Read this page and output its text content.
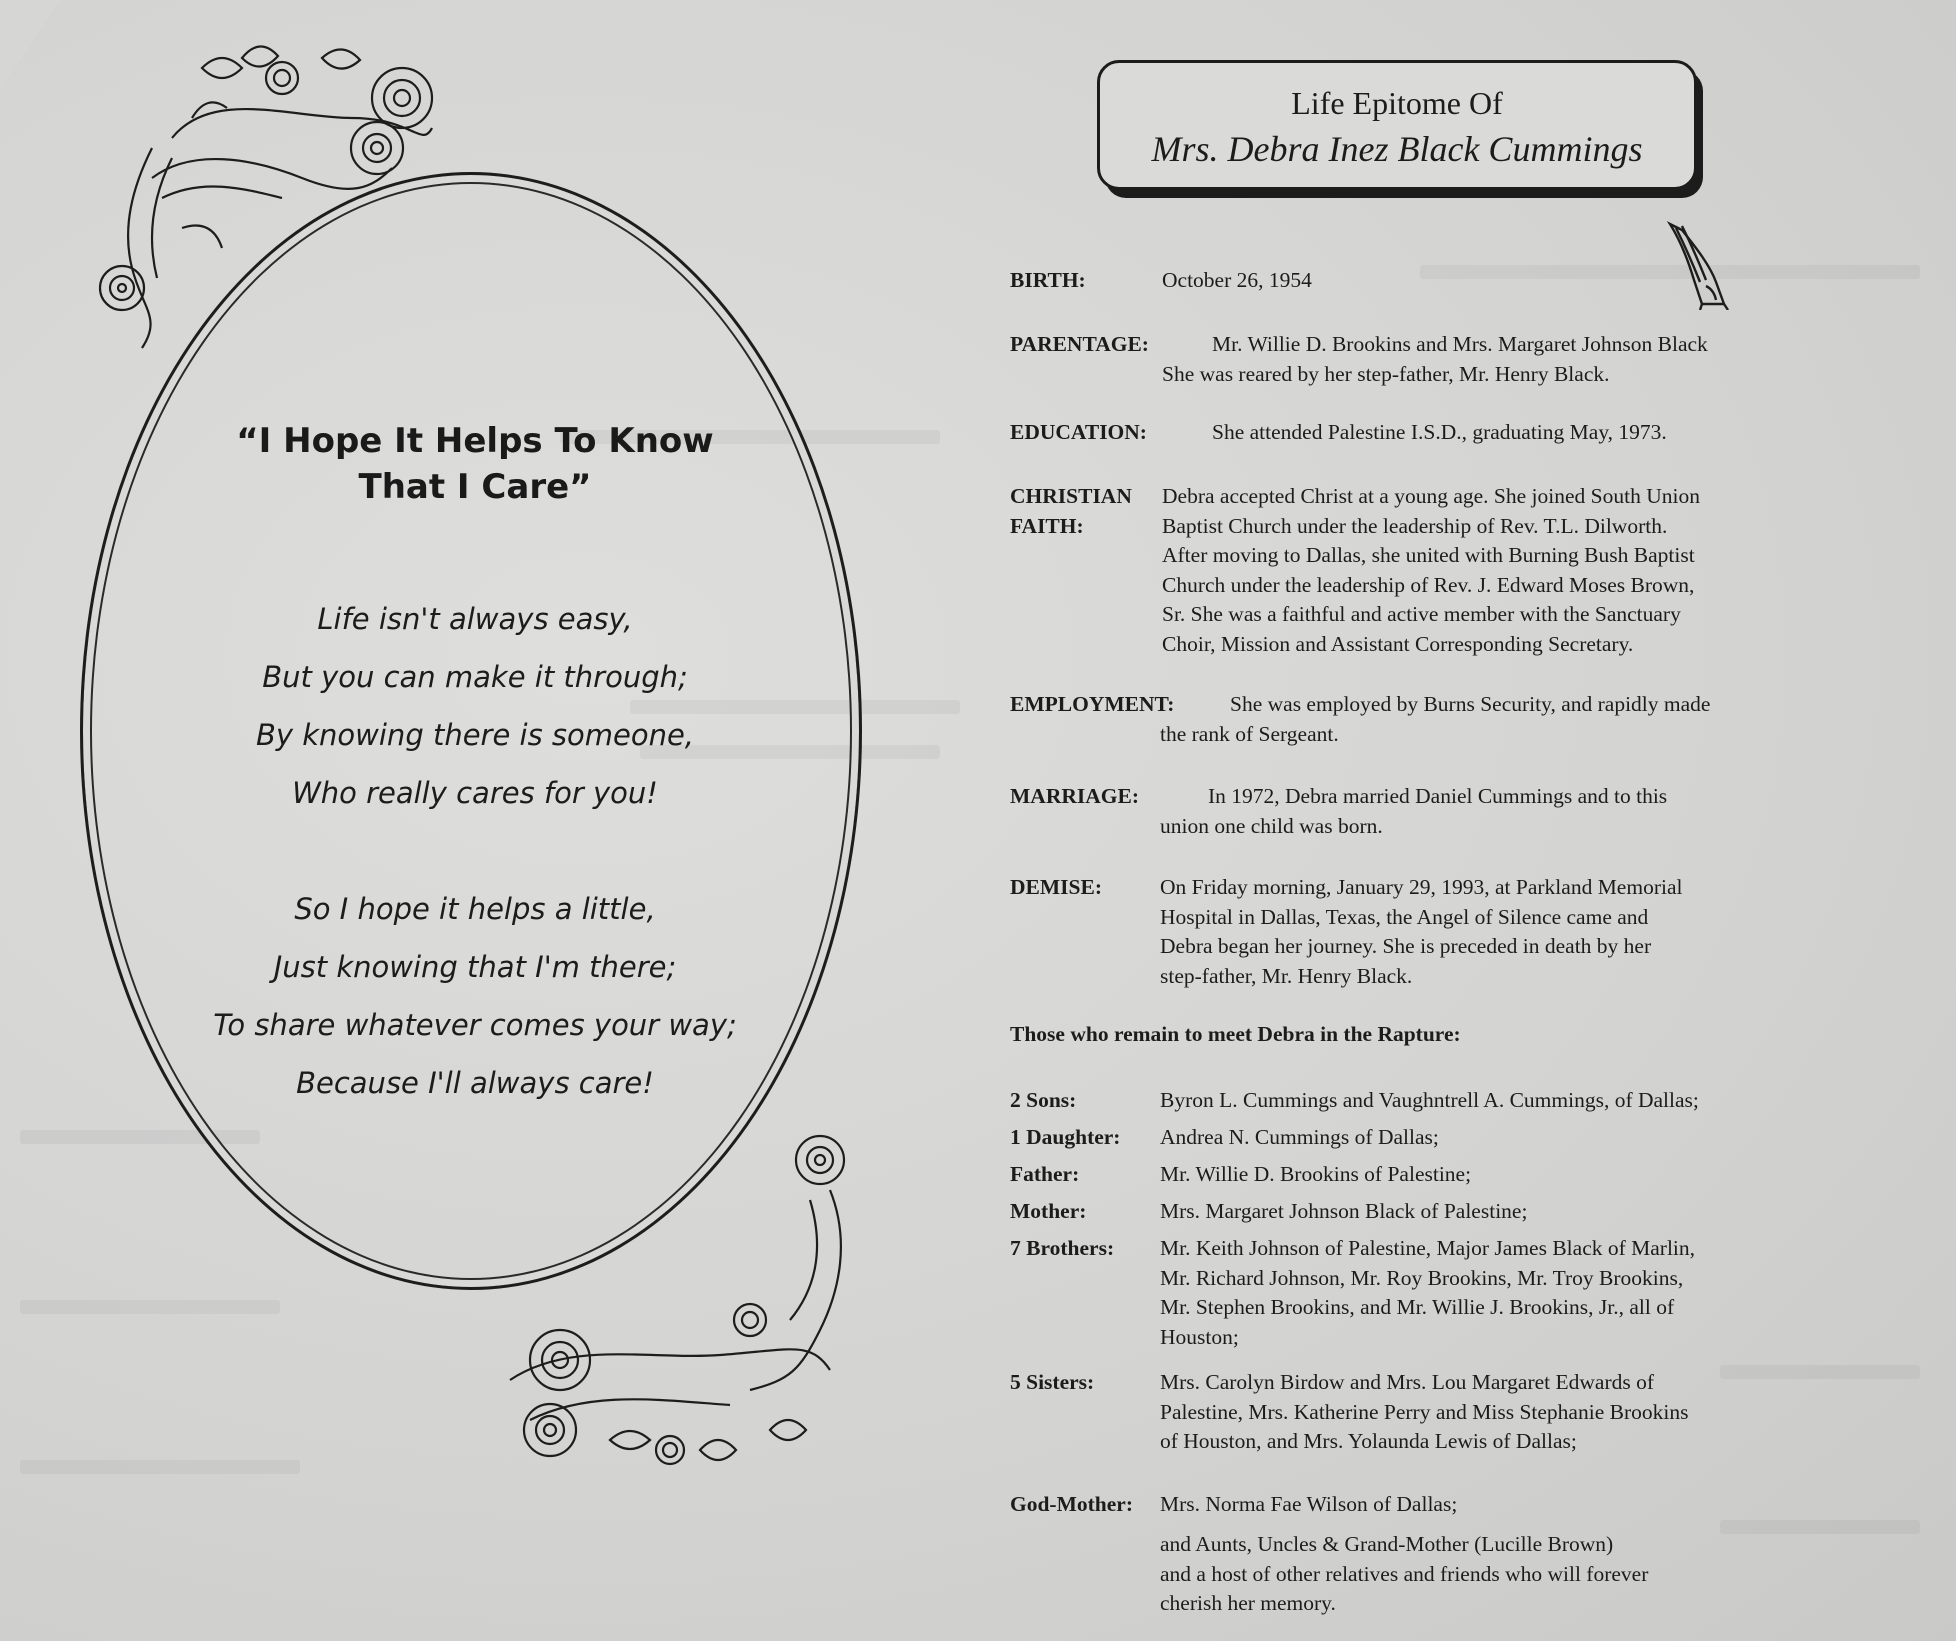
“I Hope It Helps To Know
That I Care”
Life isn't always easy,
But you can make it through;
By knowing there is someone,
Who really cares for you!
So I hope it helps a little,
Just knowing that I'm there;
To share whatever comes your way;
Because I'll always care!
Life Epitome Of
Mrs. Debra Inez Black Cummings
BIRTH:	October 26, 1954
PARENTAGE:	Mr. Willie D. Brookins and Mrs. Margaret Johnson Black
She was reared by her step-father, Mr. Henry Black.
EDUCATION:	She attended Palestine I.S.D., graduating May, 1973.
CHRISTIAN
FAITH:
Debra accepted Christ at a young age. She joined South Union
Baptist Church under the leadership of Rev. T.L. Dilworth.
After moving to Dallas, she united with Burning Bush Baptist
Church under the leadership of Rev. J. Edward Moses Brown,
Sr. She was a faithful and active member with the Sanctuary
Choir, Mission and Assistant Corresponding Secretary.
EMPLOYMENT:	She was employed by Burns Security, and rapidly made
the rank of Sergeant.
MARRIAGE:	In 1972, Debra married Daniel Cummings and to this
union one child was born.
DEMISE:	On Friday morning, January 29, 1993, at Parkland Memorial
Hospital in Dallas, Texas, the Angel of Silence came and
Debra began her journey. She is preceded in death by her
step-father, Mr. Henry Black.
Those who remain to meet Debra in the Rapture:
2 Sons:	Byron L. Cummings and Vaughntrell A. Cummings, of Dallas;
1 Daughter: Andrea N. Cummings of Dallas;
Father:	Mr. Willie D. Brookins of Palestine;
Mother:	Mrs. Margaret Johnson Black of Palestine;
7 Brothers: Mr. Keith Johnson of Palestine, Major James Black of Marlin,
Mr. Richard Johnson, Mr. Roy Brookins, Mr. Troy Brookins,
Mr. Stephen Brookins, and Mr. Willie J. Brookins, Jr., all of
Houston;
5 Sisters:	Mrs. Carolyn Birdow and Mrs. Lou Margaret Edwards of
Palestine, Mrs. Katherine Perry and Miss Stephanie Brookins
of Houston, and Mrs. Yolaunda Lewis of Dallas;
God-Mother: Mrs. Norma Fae Wilson of Dallas;
and Aunts, Uncles & Grand-Mother (Lucille Brown)
and a host of other relatives and friends who will forever
cherish her memory.
